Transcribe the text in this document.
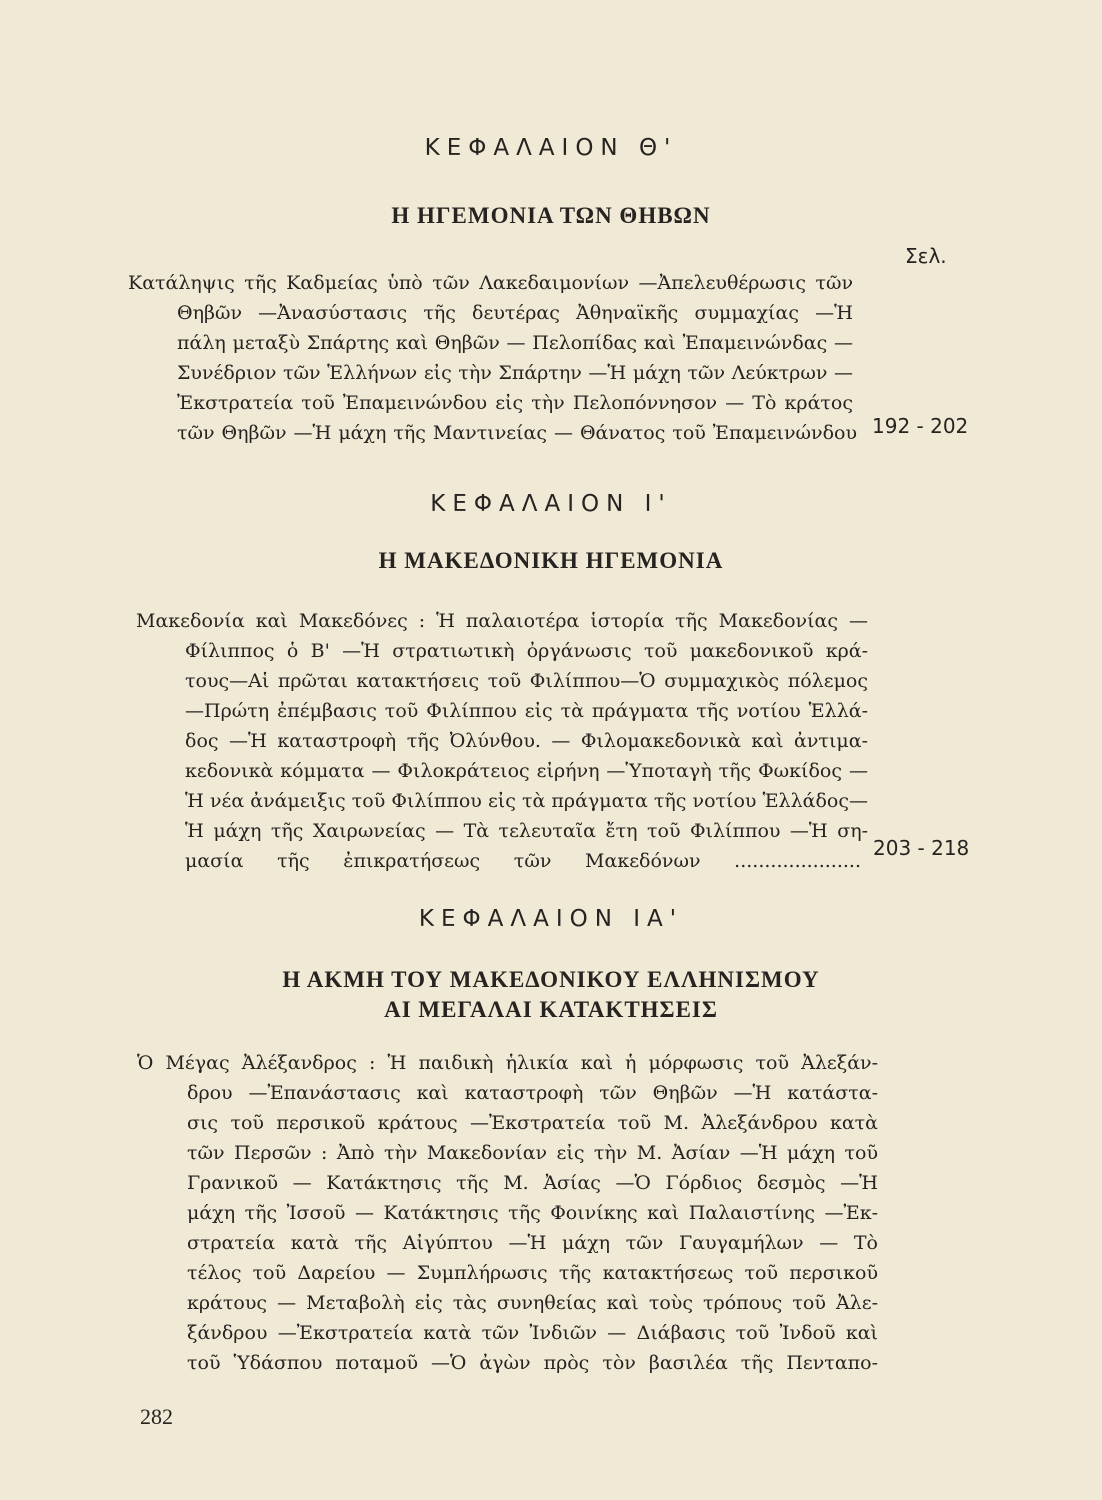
ΚΕΦΑΛΑΙΟΝ Θ'
Η ΗΓΕΜΟΝΙΑ ΤΩΝ ΘΗΒΩΝ
Σελ.
Κατάληψις τῆς Καδμείας ὑπὸ τῶν Λακεδαιμονίων —Ἀπελευθέρωσις τῶν
Θηβῶν —Ἀνασύστασις τῆς δευτέρας Ἀθηναϊκῆς συμμαχίας —Ἡ
πάλη μεταξὺ Σπάρτης καὶ Θηβῶν — Πελοπίδας καὶ Ἐπαμεινώνδας —
Συνέδριον τῶν Ἑλλήνων εἰς τὴν Σπάρτην —Ἡ μάχη τῶν Λεύκτρων —
Ἐκστρατεία τοῦ Ἐπαμεινώνδου εἰς τὴν Πελοπόννησον — Τὸ κράτος
τῶν Θηβῶν —Ἡ μάχη τῆς Μαντινείας — Θάνατος τοῦ Ἐπαμεινώνδου 192 - 202
ΚΕΦΑΛΑΙΟΝ Ι'
Η ΜΑΚΕΔΟΝΙΚΗ ΗΓΕΜΟΝΙΑ
Μακεδονία καὶ Μακεδόνες : Ἡ παλαιοτέρα ἱστορία τῆς Μακεδονίας —
Φίλιππος ὁ Β' —Ἡ στρατιωτικὴ ὀργάνωσις τοῦ μακεδονικοῦ κρά-
τους—Αἱ πρῶται κατακτήσεις τοῦ Φιλίππου—Ὁ συμμαχικὸς πόλεμος
—Πρώτη ἐπέμβασις τοῦ Φιλίππου εἰς τὰ πράγματα τῆς νοτίου Ἑλλά-
δος —Ἡ καταστροφὴ τῆς Ὀλύνθου. — Φιλομακεδονικὰ καὶ ἀντιμα-
κεδονικὰ κόμματα — Φιλοκράτειος εἰρήνη —Ὑποταγὴ τῆς Φωκίδος —
Ἡ νέα ἀνάμειξις τοῦ Φιλίππου εἰς τὰ πράγματα τῆς νοτίου Ἑλλάδος—
Ἡ μάχη τῆς Χαιρωνείας — Τὰ τελευταῖα ἔτη τοῦ Φιλίππου —Ἡ ση-
μασία τῆς ἐπικρατήσεως τῶν Μακεδόνων .....................
203 - 218
ΚΕΦΑΛΑΙΟΝ ΙΑ'
Η ΑΚΜΗ ΤΟΥ ΜΑΚΕΔΟΝΙΚΟΥ ΕΛΛΗΝΙΣΜΟΥ
ΑΙ ΜΕΓΑΛΑΙ ΚΑΤΑΚΤΗΣΕΙΣ
Ὁ Μέγας Ἀλέξανδρος : Ἡ παιδικὴ ἡλικία καὶ ἡ μόρφωσις τοῦ Ἀλεξάν-
δρου —Ἐπανάστασις καὶ καταστροφὴ τῶν Θηβῶν —Ἡ κατάστα-
σις τοῦ περσικοῦ κράτους —Ἐκστρατεία τοῦ Μ. Ἀλεξάνδρου κατὰ
τῶν Περσῶν : Ἀπὸ τὴν Μακεδονίαν εἰς τὴν Μ. Ἀσίαν —Ἡ μάχη τοῦ
Γρανικοῦ — Κατάκτησις τῆς Μ. Ἀσίας —Ὁ Γόρδιος δεσμὸς —Ἡ
μάχη τῆς Ἰσσοῦ — Κατάκτησις τῆς Φοινίκης καὶ Παλαιστίνης —Ἐκ-
στρατεία κατὰ τῆς Αἰγύπτου —Ἡ μάχη τῶν Γαυγαμήλων — Τὸ
τέλος τοῦ Δαρείου — Συμπλήρωσις τῆς κατακτήσεως τοῦ περσικοῦ
κράτους — Μεταβολὴ εἰς τὰς συνηθείας καὶ τοὺς τρόπους τοῦ Ἀλε-
ξάνδρου —Ἐκστρατεία κατὰ τῶν Ἰνδιῶν — Διάβασις τοῦ Ἰνδοῦ καὶ
τοῦ Ὑδάσπου ποταμοῦ —Ὁ ἀγὼν πρὸς τὸν βασιλέα τῆς Πενταπο-
282
